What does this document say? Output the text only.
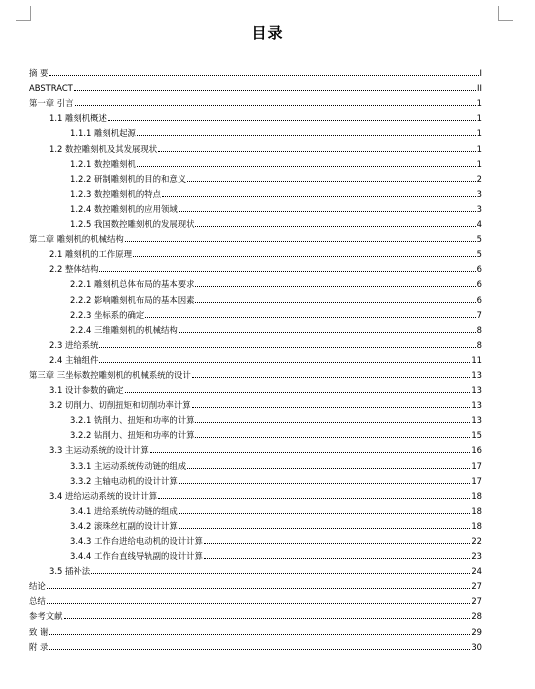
目录
摘 要	I
ABSTRACT	II
第一章 引言	1
1.1 雕刻机概述	1
1.1.1 雕刻机起源	1
1.2 数控雕刻机及其发展现状	1
1.2.1 数控雕刻机	1
1.2.2 研制雕刻机的目的和意义	2
1.2.3 数控雕刻机的特点	3
1.2.4 数控雕刻机的应用领域	3
1.2.5 我国数控雕刻机的发展现状	4
第二章 雕刻机的机械结构	5
2.1 雕刻机的工作原理	5
2.2 整体结构	6
2.2.1 雕刻机总体布局的基本要求	6
2.2.2 影响雕刻机布局的基本因素	6
2.2.3 坐标系的确定	7
2.2.4 三维雕刻机的机械结构	8
2.3 进给系统	8
2.4 主轴组件	11
第三章 三坐标数控雕刻机的机械系统的设计	13
3.1 设计参数的确定	13
3.2 切削力、切削扭矩和切削功率计算	13
3.2.1 铣削力、扭矩和功率的计算	13
3.2.2 钻削力、扭矩和功率的计算	15
3.3 主运动系统的设计计算	16
3.3.1 主运动系统传动链的组成	17
3.3.2 主轴电动机的设计计算	17
3.4 进给运动系统的设计计算	18
3.4.1 进给系统传动链的组成	18
3.4.2 滚珠丝杠副的设计计算	18
3.4.3 工作台进给电动机的设计计算	22
3.4.4 工作台直线导轨副的设计计算	23
3.5 插补法	24
结论	27
总结	27
参考文献	28
致 谢	29
附 录	30
